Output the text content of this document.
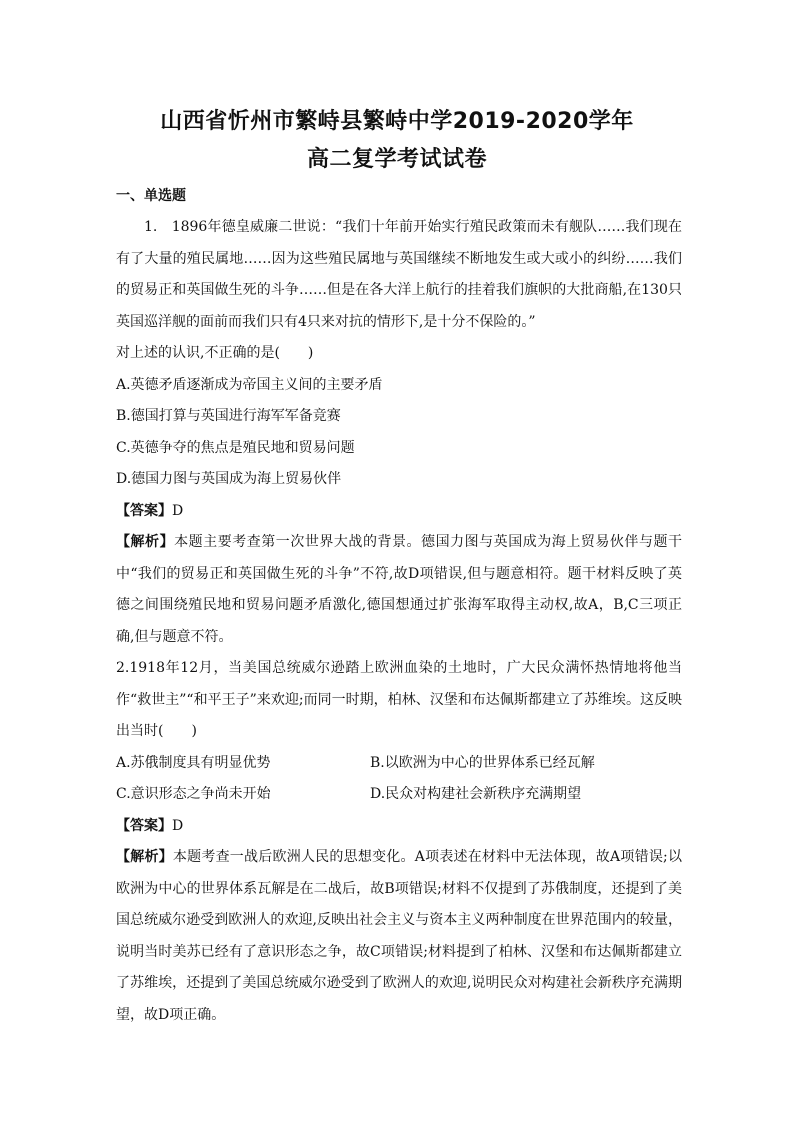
山西省忻州市繁峙县繁峙中学2019-2020学年
高二复学考试试卷
一、单选题

1.　1896年德皇威廉二世说：“我们十年前开始实行殖民政策而未有舰队……我们现在有了大量的殖民属地……因为这些殖民属地与英国继续不断地发生或大或小的纠纷……我们的贸易正和英国做生死的斗争……但是在各大洋上航行的挂着我们旗帜的大批商船,在130只英国巡洋舰的面前而我们只有4只来对抗的情形下,是十分不保险的。”

对上述的认识,不正确的是(　　)

A.英德矛盾逐渐成为帝国主义间的主要矛盾

B.德国打算与英国进行海军军备竞赛

C.英德争夺的焦点是殖民地和贸易问题

D.德国力图与英国成为海上贸易伙伴

【答案】D

【解析】本题主要考查第一次世界大战的背景。德国力图与英国成为海上贸易伙伴与题干中“我们的贸易正和英国做生死的斗争”不符,故D项错误,但与题意相符。题干材料反映了英德之间围绕殖民地和贸易问题矛盾激化,德国想通过扩张海军取得主动权,故A，B,C三项正确,但与题意不符。

2.1918年12月，当美国总统威尔逊踏上欧洲血染的土地时，广大民众满怀热情地将他当作“救世主”“和平王子”来欢迎;而同一时期，柏林、汉堡和布达佩斯都建立了苏维埃。这反映出当时(　　)

A.苏俄制度具有明显优势	B.以欧洲为中心的世界体系已经瓦解
C.意识形态之争尚未开始	D.民众对构建社会新秩序充满期望

【答案】D

【解析】本题考查一战后欧洲人民的思想变化。A项表述在材料中无法体现，故A项错误;以欧洲为中心的世界体系瓦解是在二战后，故B项错误;材料不仅提到了苏俄制度，还提到了美国总统威尔逊受到欧洲人的欢迎,反映出社会主义与资本主义两种制度在世界范围内的较量，说明当时美苏已经有了意识形态之争，故C项错误;材料提到了柏林、汉堡和布达佩斯都建立了苏维埃，还提到了美国总统威尔逊受到了欧洲人的欢迎,说明民众对构建社会新秩序充满期望，故D项正确。
